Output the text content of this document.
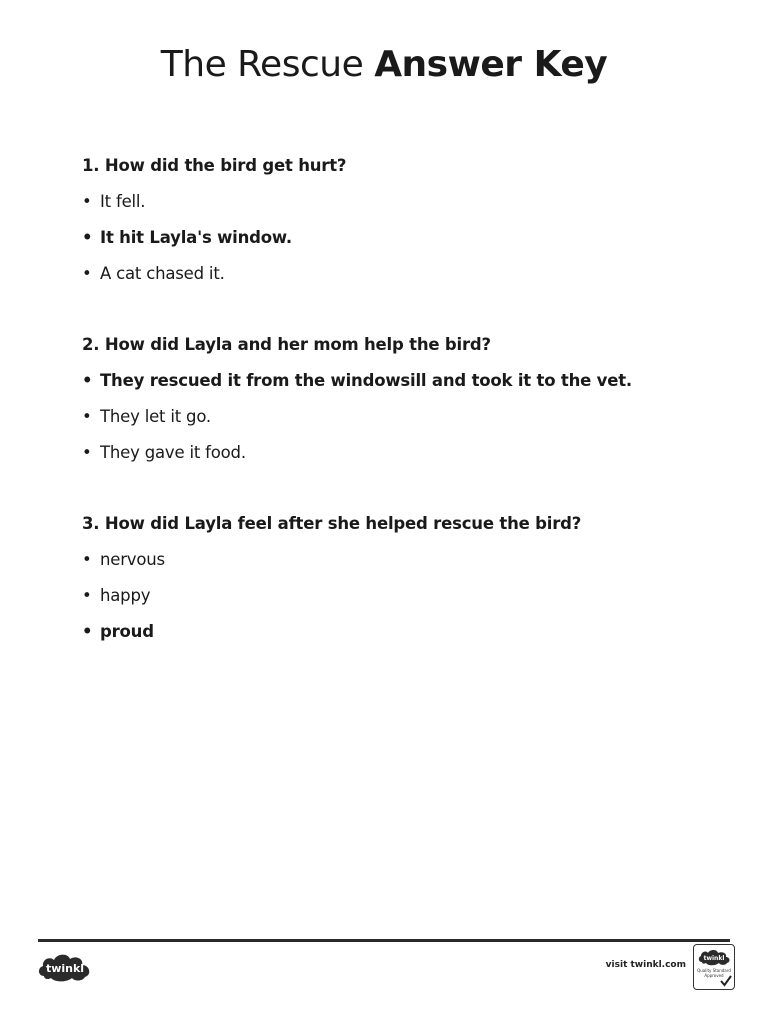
The Rescue Answer Key

1. How did the bird get hurt?

• It fell.

• It hit Layla's window.

• A cat chased it.

2. How did Layla and her mom help the bird?

• They rescued it from the windowsill and took it to the vet.

• They let it go.

• They gave it food.

3. How did Layla feel after she helped rescue the bird?

• nervous

• happy

• proud

twinkl	visit twinkl.com
twinkl
Quality Standard
Approved
